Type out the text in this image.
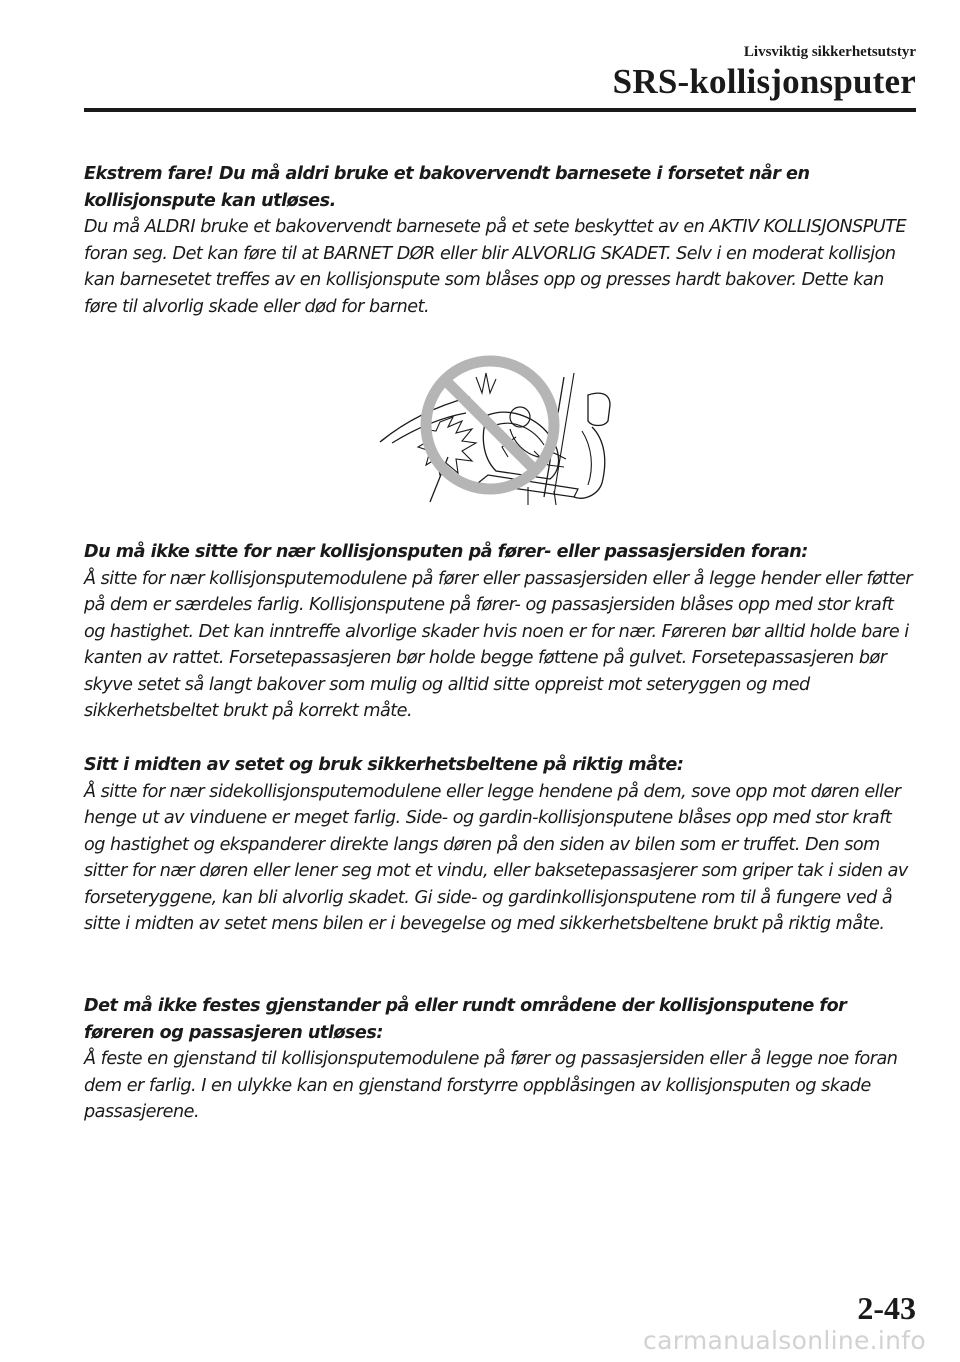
Livsviktig sikkerhetsutstyr
SRS-kollisjonsputer
Ekstrem fare! Du må aldri bruke et bakovervendt barnesete i forsetet når en kollisjonspute kan utløses.
Du må ALDRI bruke et bakovervendt barnesete på et sete beskyttet av en AKTIV KOLLISJONSPUTE foran seg. Det kan føre til at BARNET DØR eller blir ALVORLIG SKADET. Selv i en moderat kollisjon kan barnesetet treffes av en kollisjonspute som blåses opp og presses hardt bakover. Dette kan føre til alvorlig skade eller død for barnet.
Du må ikke sitte for nær kollisjonsputen på fører- eller passasjersiden foran:
Å sitte for nær kollisjonsputemodulene på fører eller passasjersiden eller å legge hender eller føtter på dem er særdeles farlig. Kollisjonsputene på fører- og passasjersiden blåses opp med stor kraft og hastighet. Det kan inntreffe alvorlige skader hvis noen er for nær. Føreren bør alltid holde bare i kanten av rattet. Forsetepassasjeren bør holde begge føttene på gulvet. Forsetepassasjeren bør skyve setet så langt bakover som mulig og alltid sitte oppreist mot seteryggen og med sikkerhetsbeltet brukt på korrekt måte.
Sitt i midten av setet og bruk sikkerhetsbeltene på riktig måte:
Å sitte for nær sidekollisjonsputemodulene eller legge hendene på dem, sove opp mot døren eller henge ut av vinduene er meget farlig. Side- og gardin-kollisjonsputene blåses opp med stor kraft og hastighet og ekspanderer direkte langs døren på den siden av bilen som er truffet. Den som sitter for nær døren eller lener seg mot et vindu, eller baksetepassasjerer som griper tak i siden av forseteryggene, kan bli alvorlig skadet. Gi side- og gardinkollisjonsputene rom til å fungere ved å sitte i midten av setet mens bilen er i bevegelse og med sikkerhetsbeltene brukt på riktig måte.
Det må ikke festes gjenstander på eller rundt områdene der kollisjonsputene for føreren og passasjeren utløses:
Å feste en gjenstand til kollisjonsputemodulene på fører og passasjersiden eller å legge noe foran dem er farlig. I en ulykke kan en gjenstand forstyrre oppblåsingen av kollisjonsputen og skade passasjerene.
2-43
carmanualsonline.info
